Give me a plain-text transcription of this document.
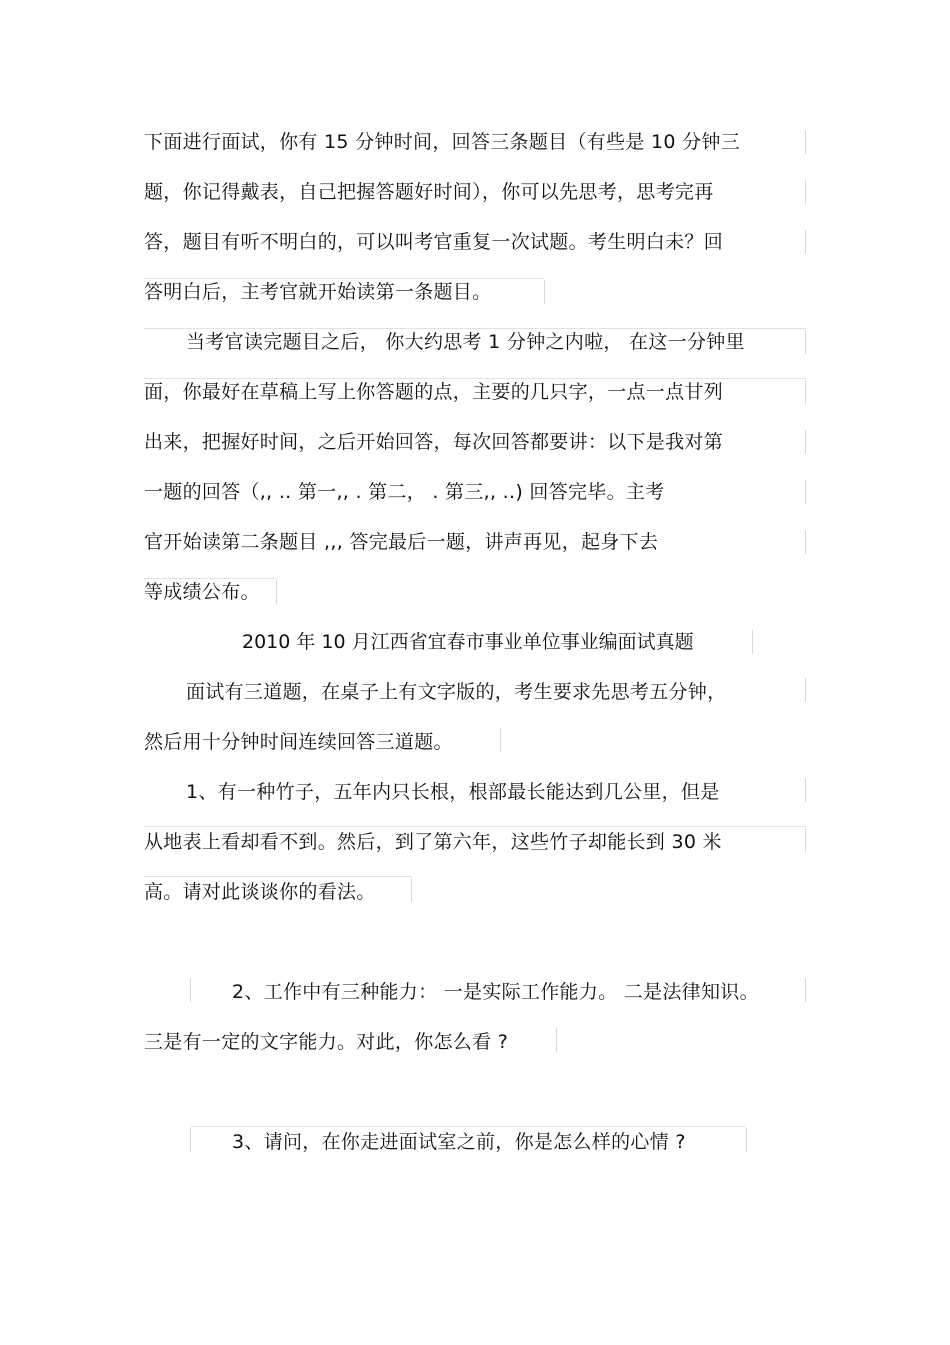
下面进行面试，你有 15 分钟时间，回答三条题目（有些是 10 分钟三
题，你记得戴表，自己把握答题好时间），你可以先思考，思考完再
答，题目有听不明白的，可以叫考官重复一次试题。考生明白未？回
答明白后，主考官就开始读第一条题目。
当考官读完题目之后， 你大约思考 1 分钟之内啦， 在这一分钟里
面，你最好在草稿上写上你答题的点，主要的几只字，一点一点甘列
出来，把握好时间，之后开始回答，每次回答都要讲：以下是我对第
一题的回答（,, .. 第一,, . 第二， . 第三,, ..) 回答完毕。主考
官开始读第二条题目 ,,, 答完最后一题，讲声再见，起身下去
等成绩公布。
2010 年 10 月江西省宜春市事业单位事业编面试真题
面试有三道题，在桌子上有文字版的，考生要求先思考五分钟，
然后用十分钟时间连续回答三道题。
1、有一种竹子，五年内只长根，根部最长能达到几公里，但是
从地表上看却看不到。然后，到了第六年，这些竹子却能长到 30 米
高。请对此谈谈你的看法。
2、工作中有三种能力： 一是实际工作能力。 二是法律知识。
三是有一定的文字能力。对此，你怎么看 ?
3、请问，在你走进面试室之前，你是怎么样的心情 ?
